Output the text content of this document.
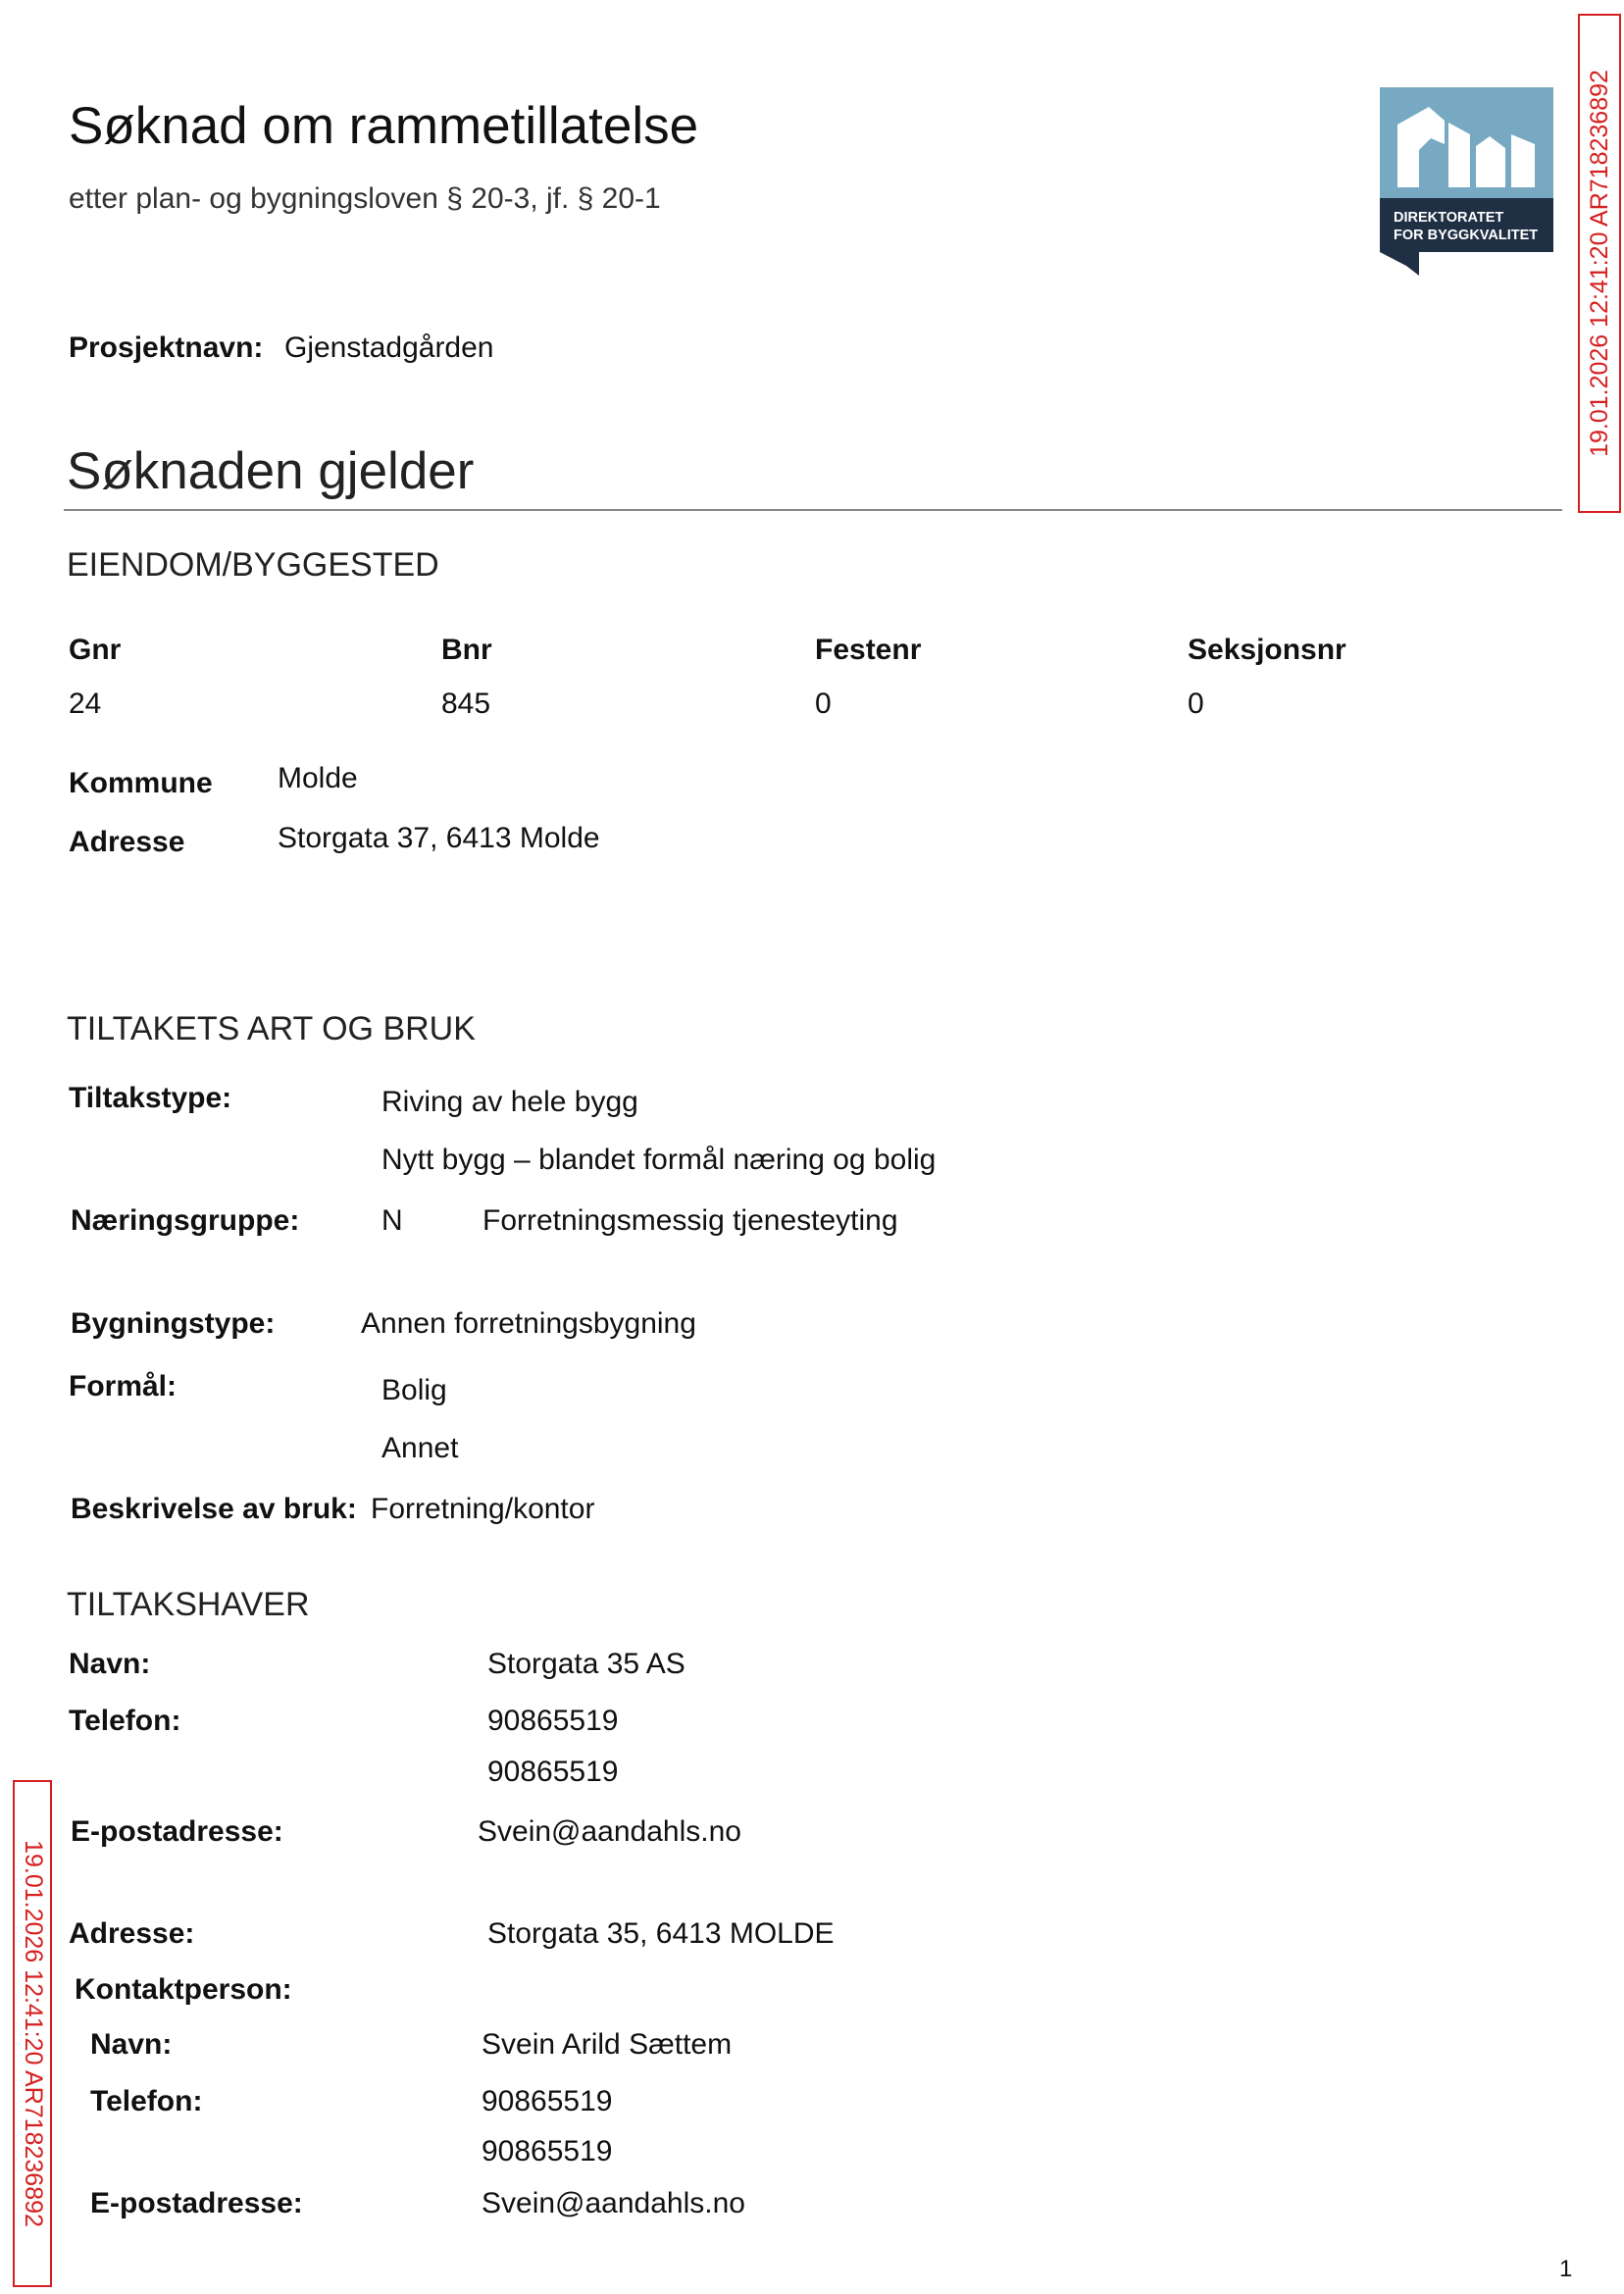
Søknad om rammetillatelse
etter plan- og bygningsloven § 20-3, jf. § 20-1
DIREKTORATET
FOR BYGGKVALITET 19.01.2026 12:41:20 AR718236892
19.01.2026 12:41:20 AR718236892
Prosjektnavn: Gjenstadgården
Søknaden gjelder
EIENDOM/BYGGESTED
Gnr	Bnr	Festenr	Seksjonsnr
24	845	0	0
Kommune Molde
Adresse	Storgata 37, 6413 Molde
TILTAKETS ART OG BRUK
Tiltakstype:	Riving av hele bygg
Nytt bygg – blandet formål næring og bolig
Næringsgruppe:	N	Forretningsmessig tjenesteyting
Bygningstype:	Annen forretningsbygning
Formål:	Bolig
Annet
Beskrivelse av bruk: Forretning/kontor
TILTAKSHAVER
Navn:	Storgata 35 AS
Telefon:	90865519
90865519
E-postadresse:	Svein@aandahls.no
Adresse:	Storgata 35, 6413 MOLDE
Kontaktperson:
Navn:	Svein Arild Sættem
Telefon:	90865519
90865519
E-postadresse:	Svein@aandahls.no
1
